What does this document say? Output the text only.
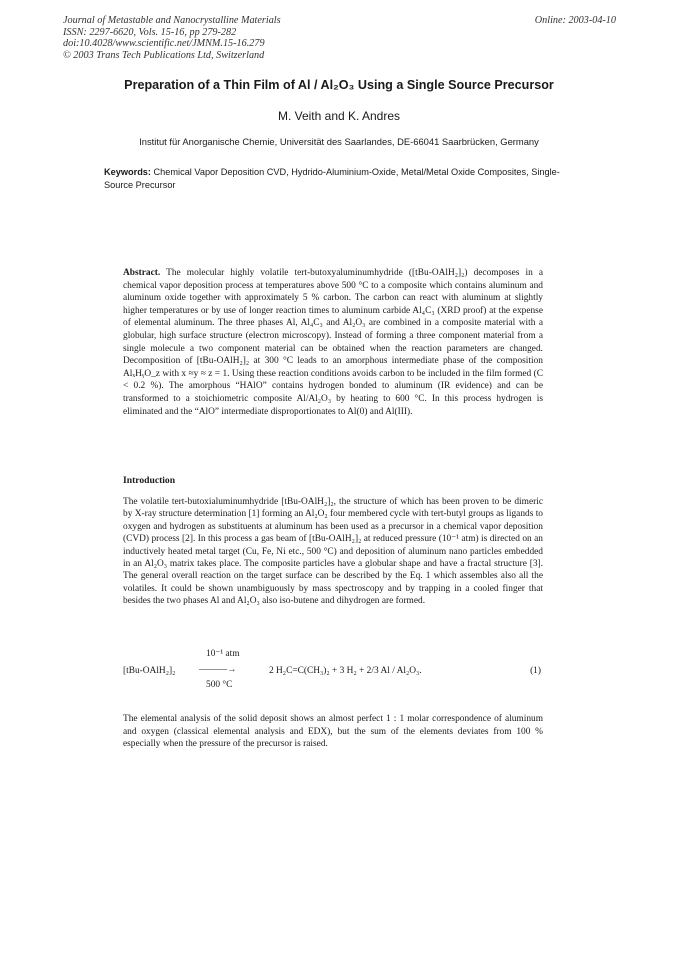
Journal of Metastable and Nanocrystalline Materials
ISSN: 2297-6620, Vols. 15-16, pp 279-282
doi:10.4028/www.scientific.net/JMNM.15-16.279
© 2003 Trans Tech Publications Ltd, Switzerland
Online: 2003-04-10
Preparation of a Thin Film of Al / Al₂O₃ Using a Single Source Precursor
M. Veith and K. Andres
Institut für Anorganische Chemie, Universität des Saarlandes, DE-66041 Saarbrücken, Germany
Keywords: Chemical Vapor Deposition CVD, Hydrido-Aluminium-Oxide, Metal/Metal Oxide Composites, Single-Source Precursor
Abstract. The molecular highly volatile tert-butoxyaluminumhydride ([tBu-OAlH₂]₂) decomposes in a chemical vapor deposition process at temperatures above 500 °C to a composite which contains aluminum and aluminum oxide together with approximately 5 % carbon. The carbon can react with aluminum at slightly higher temperatures or by use of longer reaction times to aluminum carbide Al₄C₃ (XRD proof) at the expense of elemental aluminum. The three phases Al, Al₄C₃ and Al₂O₃ are combined in a composite material with a globular, high surface structure (electron microscopy). Instead of forming a three component material from a single molecule a two component material can be obtained when the reaction parameters are changed. Decomposition of [tBu-OAlH₂]₂ at 300 °C leads to an amorphous intermediate phase of the composition AlₓHᵧO_z with x ≈y ≈ z = 1. Using these reaction conditions avoids carbon to be included in the film formed (C < 0.2 %). The amorphous “HAlO” contains hydrogen bonded to aluminum (IR evidence) and can be transformed to a stoichiometric composite Al/Al₂O₃ by heating to 600 °C. In this process hydrogen is eliminated and the “AlO” intermediate disproportionates to Al(0) and Al(III).
Introduction
The volatile tert-butoxialuminumhydride [tBu-OAlH₂]₂, the structure of which has been proven to be dimeric by X-ray structure determination [1] forming an Al₂O₂ four membered cycle with tert-butyl groups as ligands to oxygen and hydrogen as substituents at aluminum has been used as a precursor in a chemical vapor deposition (CVD) process [2]. In this process a gas beam of [tBu-OAlH₂]₂ at reduced pressure (10⁻¹ atm) is directed on an inductively heated metal target (Cu, Fe, Ni etc., 500 °C) and deposition of aluminum nano particles embedded in an Al₂O₃ matrix takes place. The composite particles have a globular shape and have a fractal structure [3]. The general overall reaction on the target surface can be described by the Eq. 1 which assembles also all the volatiles. It could be shown unambiguously by mass spectroscopy and by trapping in a cooled finger that besides the two phases Al and Al₂O₃ also iso-butene and dihydrogen are formed.
10⁻¹ atm
[tBu-OAlH₂]₂	———→	2 H₂C=C(CH₃)₂ + 3 H₂ + 2/3 Al / Al₂O₃.	(1)
500 °C
The elemental analysis of the solid deposit shows an almost perfect 1 : 1 molar correspondence of aluminum and oxygen (classical elemental analysis and EDX), but the sum of the elements deviates from 100 % especially when the pressure of the precursor is raised.
